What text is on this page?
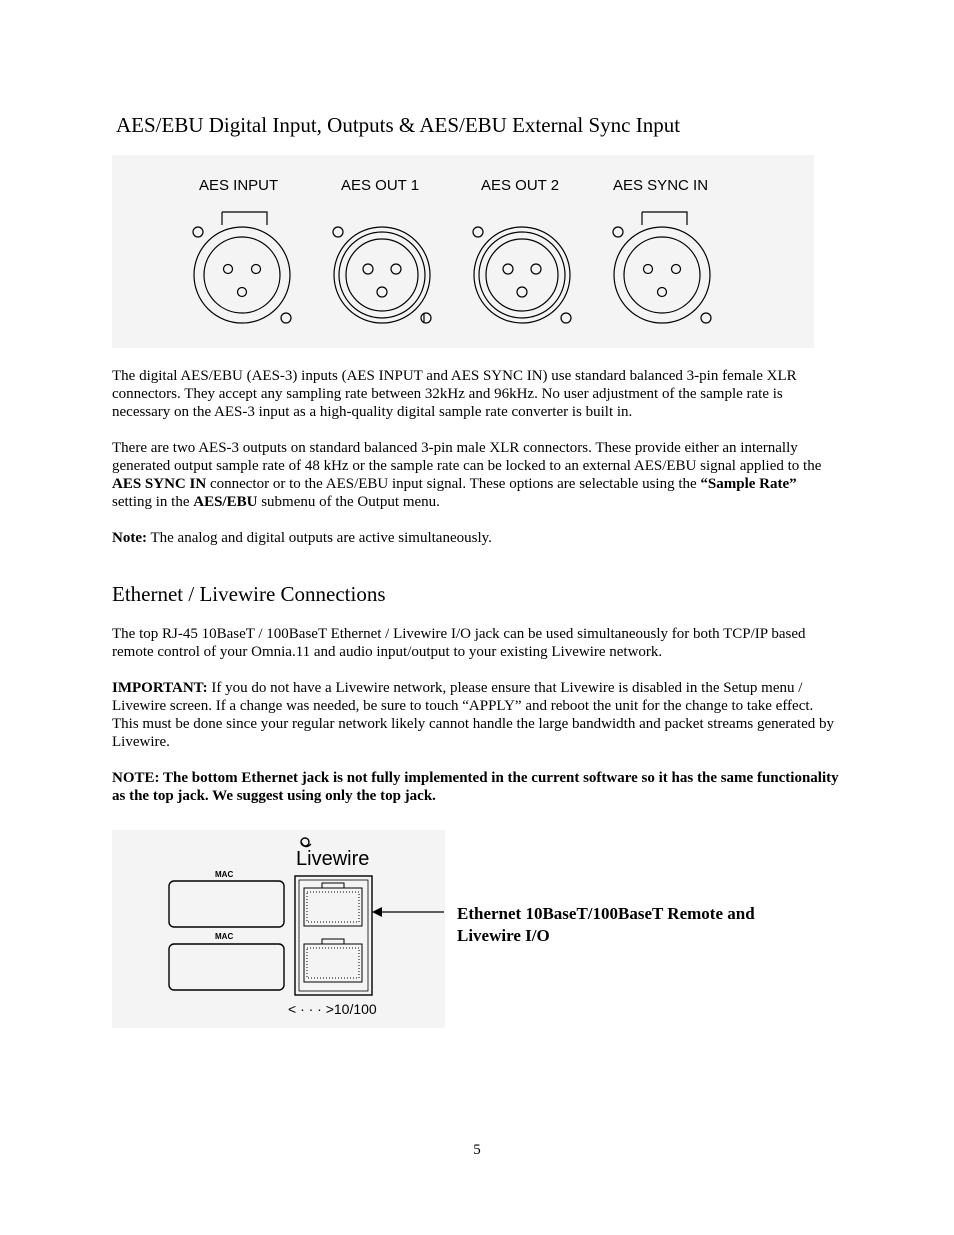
AES/EBU Digital Input, Outputs & AES/EBU External Sync Input
AES INPUT	AES OUT 1	AES OUT 2	AES SYNC IN

The digital AES/EBU (AES-3) inputs (AES INPUT and AES SYNC IN) use standard balanced 3-pin female XLR connectors. They accept any sampling rate between 32kHz and 96kHz. No user adjustment of the sample rate is necessary on the AES-3 input as a high-quality digital sample rate converter is built in.

There are two AES-3 outputs on standard balanced 3-pin male XLR connectors. These provide either an internally generated output sample rate of 48 kHz or the sample rate can be locked to an external AES/EBU signal applied to the AES SYNC IN connector or to the AES/EBU input signal. These options are selectable using the “Sample Rate” setting in the AES/EBU submenu of the Output menu.

Note: The analog and digital outputs are active simultaneously.

Ethernet / Livewire Connections

The top RJ-45 10BaseT / 100BaseT Ethernet / Livewire I/O jack can be used simultaneously for both TCP/IP based remote control of your Omnia.11 and audio input/output to your existing Livewire network.

IMPORTANT: If you do not have a Livewire network, please ensure that Livewire is disabled in the Setup menu / Livewire screen. If a change was needed, be sure to touch “APPLY” and reboot the unit for the change to take effect. This must be done since your regular network likely cannot handle the large bandwidth and packet streams generated by Livewire.

NOTE: The bottom Ethernet jack is not fully implemented in the current software so it has the same functionality as the top jack. We suggest using only the top jack.

Livewire
MAC
MAC
< · · · >10/100
Ethernet 10BaseT/100BaseT Remote and Livewire I/O
5
